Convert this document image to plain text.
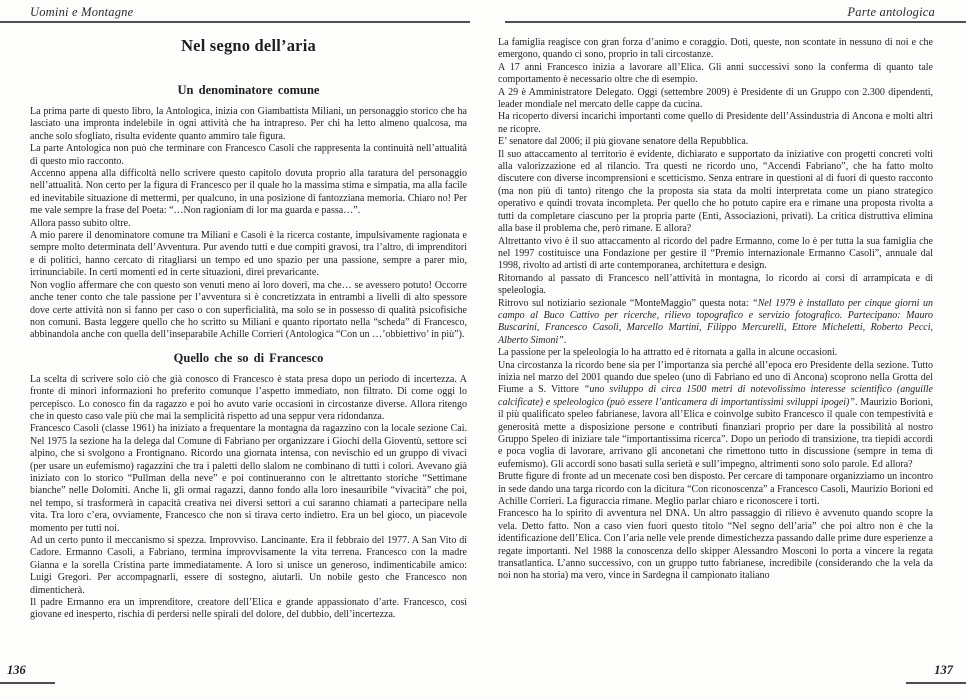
Uomini e Montagne
Nel segno dell’aria
Un denominatore comune

La prima parte di questo libro, la Antologica, inizia con Giambattista Miliani, un personaggio storico che ha lasciato una impronta indelebile in ogni attività che ha intrapreso. Per chi ha letto almeno qualcosa, ma anche solo sfogliato, risulta evidente quanto ammiro tale figura.

La parte Antologica non può che terminare con Francesco Casoli che rappresenta la continuità nell’attualità di questo mio racconto.

Accenno appena alla difficoltà nello scrivere questo capitolo dovuta proprio alla taratura del personaggio nell’attualità. Non certo per la figura di Francesco per il quale ho la massima stima e simpatia, ma alla facile ed inevitabile situazione di mettermi, per qualcuno, in una posizione di fantozziana memoria. Chiaro no! Per me vale sempre la frase del Poeta: “…Non ragioniam di lor ma guarda e passa…”.

Allora passo subito oltre.

A mio parere il denominatore comune tra Miliani e Casoli è la ricerca costante, impulsivamente ragionata e sempre molto determinata dell’Avventura. Pur avendo tutti e due compiti gravosi, tra l’altro, di imprenditori e di politici, hanno cercato di ritagliarsi un tempo ed uno spazio per una passione, sempre a parer mio, irrinunciabile. In certi momenti ed in certe situazioni, direi prevaricante.

Non voglio affermare che con questo son venuti meno ai loro doveri, ma che… se avessero potuto! Occorre anche tener conto che tale passione per l’avventura si è concretizzata in entrambi a livelli di alto spessore dove certe attività non si fanno per caso o con superficialità, ma solo se in possesso di qualità psicofisiche non comuni. Basta leggere quello che ho scritto su Miliani e quanto riportato nella “scheda” di Francesco, abbinandola anche con quella dell’inseparabile Achille Corrieri (Antologica “Con un …’obbiettivo’ in più”).

Quello che so di Francesco

La scelta di scrivere solo ciò che già conosco di Francesco è stata presa dopo un periodo di incertezza. A fronte di minori informazioni ho preferito comunque l’aspetto immediato, non filtrato. Di come oggi lo percepisco. Lo conosco fin da ragazzo e poi ho avuto varie occasioni in circostanze diverse. Allora ritengo che in questo caso vale più che mai la semplicità rispetto ad una seppur vera ridondanza.

Francesco Casoli (classe 1961) ha iniziato a frequentare la montagna da ragazzino con la locale sezione Cai. Nel 1975 la sezione ha la delega dal Comune di Fabriano per organizzare i Giochi della Gioventù, settore sci alpino, che si svolgono a Frontignano. Ricordo una giornata intensa, con nevischio ed un gruppo di vivaci (per usare un eufemismo) ragazzini che tra i paletti dello slalom ne combinano di tutti i colori. Avevano già iniziato con lo storico “Pullman della neve” e poi continueranno con le altrettanto storiche “Settimane bianche” nelle Dolomiti. Anche lì, gli ormai ragazzi, danno fondo alla loro inesauribile “vivacità” che poi, nel tempo, si trasformerà in capacità creativa nei diversi settori a cui saranno chiamati a partecipare nella vita. Tra loro c’era, ovviamente, Francesco che non si tirava certo indietro. Era un bel gioco, un piacevole momento per tutti noi.

Ad un certo punto il meccanismo si spezza. Improvviso. Lancinante. Era il febbraio del 1977. A San Vito di Cadore. Ermanno Casoli, a Fabriano, termina improvvisamente la vita terrena. Francesco con la madre Gianna e la sorella Cristina parte immediatamente. A loro si unisce un generoso, indimenticabile amico: Luigi Gregori. Per accompagnarli, essere di sostegno, aiutarli. Un nobile gesto che Francesco non dimenticherà.

Il padre Ermanno era un imprenditore, creatore dell’Elica e grande appassionato d’arte. Francesco, così giovane ed inesperto, rischia di perdersi nelle spirali del dolore, del dubbio, dell’incertezza.

136
Parte antologica

La famiglia reagisce con gran forza d’animo e coraggio. Doti, queste, non scontate in nessuno di noi e che emergono, quando ci sono, proprio in tali circostanze.

A 17 anni Francesco inizia a lavorare all’Elica. Gli anni successivi sono la conferma di quanto tale comportamento è necessario oltre che di esempio.

A 29 è Amministratore Delegato. Oggi (settembre 2009) è Presidente di un Gruppo con 2.300 dipendenti, leader mondiale nel mercato delle cappe da cucina.

Ha ricoperto diversi incarichi importanti come quello di Presidente dell’Assindustria di Ancona e molti altri ne ricopre.

E’ senatore dal 2006; il più giovane senatore della Repubblica.

Il suo attaccamento al territorio è evidente, dichiarato e supportato da iniziative con progetti concreti volti alla valorizzazione ed al rilancio. Tra questi ne ricordo uno, “Accendi Fabriano”, che ha fatto molto discutere con diverse incomprensioni e scetticismo. Senza entrare in questioni al di fuori di questo racconto (ma non più di tanto) ritengo che la proposta sia stata da molti interpretata come un piano strategico operativo e quindi trovata incompleta. Per quello che ho potuto capire era e rimane una proposta rivolta a tutti da completare ciascuno per la propria parte (Enti, Associazioni, privati). La critica distruttiva elimina alla base il problema che, però rimane. E allora?

Altrettanto vivo è il suo attaccamento al ricordo del padre Ermanno, come lo è per tutta la sua famiglia che nel 1997 costituisce una Fondazione per gestire il “Premio internazionale Ermanno Casoli”, annuale dal 1998, rivolto ad artisti di arte contemporanea, architettura e design.

Ritornando al passato di Francesco nell’attività in montagna, lo ricordo ai corsi di arrampicata e di speleologia.

Ritrovo sul notiziario sezionale “MonteMaggio” questa nota: “Nel 1979 è installato per cinque giorni un campo al Buco Cattivo per ricerche, rilievo topografico e servizio fotografico. Partecipano: Mauro Buscarini, Francesco Casoli, Marcello Martini, Filippo Mercurelli, Ettore Micheletti, Roberto Pecci, Alberto Simoni”.

La passione per la speleologia lo ha attratto ed è ritornata a galla in alcune occasioni.

Una circostanza la ricordo bene sia per l’importanza sia perché all’epoca ero Presidente della sezione. Tutto inizia nel marzo del 2001 quando due speleo (uno di Fabriano ed uno di Ancona) scoprono nella Grotta del Fiume a S. Vittore “uno sviluppo di circa 1500 metri di notevolissimo interesse scientifico (anguille calcificate) e speleologico (può essere l’anticamera di importantissimi sviluppi ipogei)”. Maurizio Borioni, il più qualificato speleo fabrianese, lavora all’Elica e coinvolge subito Francesco il quale con tempestività e generosità mette a disposizione persone e contributi finanziari proprio per dare la possibilità al nostro Gruppo Speleo di iniziare tale “importantissima ricerca”. Dopo un periodo di transizione, tra tiepidi accordi e poca voglia di lavorare, arrivano gli anconetani che rimettono tutto in discussione (sempre in tema di eufemismo). Gli accordi sono basati sulla serietà e sull’impegno, altrimenti sono solo parole. Ed allora?

Brutte figure di fronte ad un mecenate così ben disposto. Per cercare di tamponare organizziamo un incontro in sede dando una targa ricordo con la dicitura “Con riconoscenza” a Francesco Casoli, Maurizio Borioni ed Achille Corrieri. La figuraccia rimane. Meglio parlar chiaro e riconoscere i torti.

Francesco ha lo spirito di avventura nel DNA. Un altro passaggio di rilievo è avvenuto quando scopre la vela. Detto fatto. Non a caso vien fuori questo titolo “Nel segno dell’aria” che poi altro non è che la identificazione dell’Elica. Con l’aria nelle vele prende dimestichezza passando dalle prime dure esperienze a regate importanti. Nel 1988 la conoscenza dello skipper Alessandro Mosconi lo porta a vincere la regata transatlantica. L’anno successivo, con un gruppo tutto fabrianese, incredibile (considerando che la vela da noi non ha storia) ma vero, vince in Sardegna il campionato italiano

137
